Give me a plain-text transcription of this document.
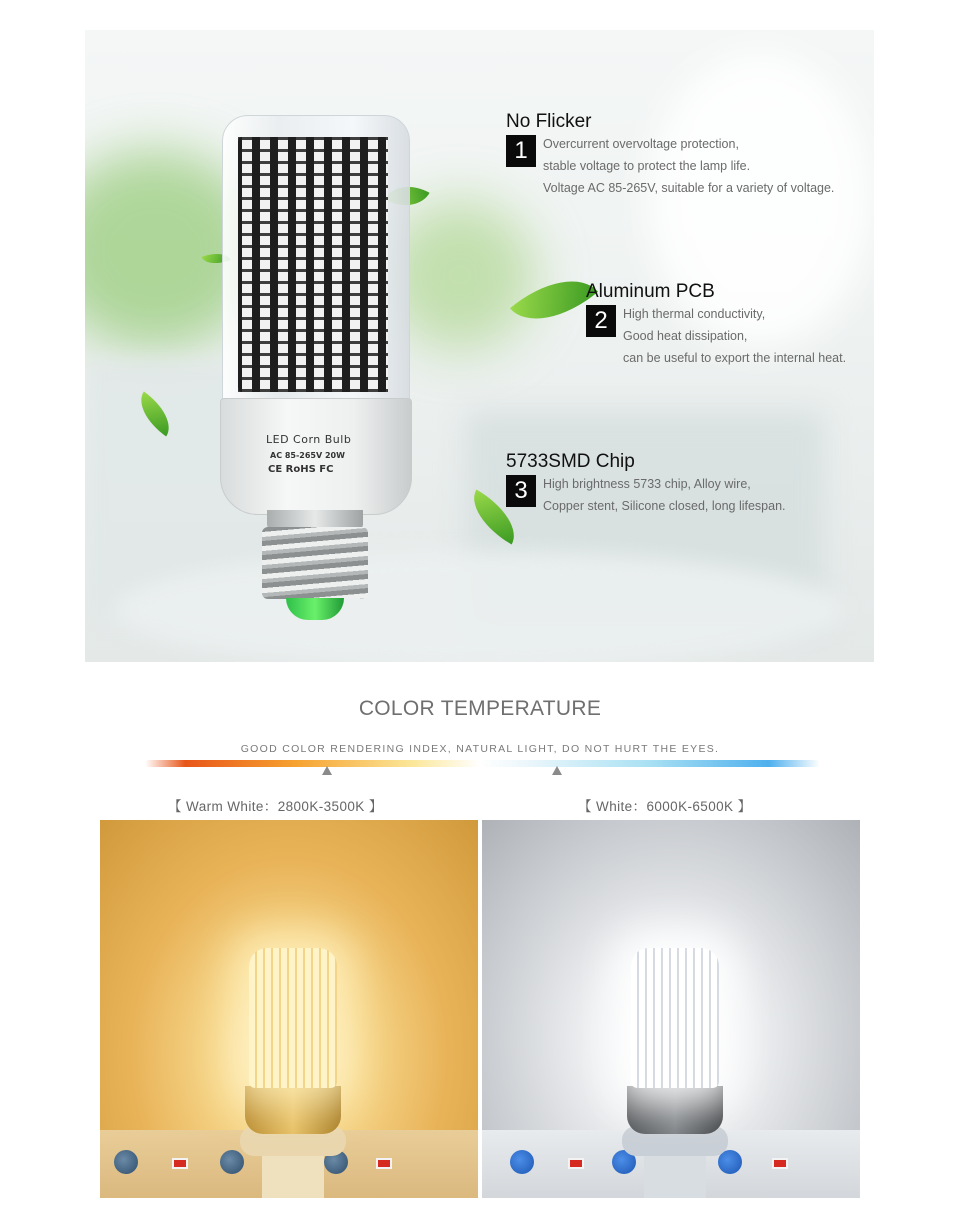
LED Corn Bulb
AC 85-265V 20W
CE RoHS FC
No Flicker
1	Overcurrent overvoltage protection,
stable voltage to protect the lamp life.
Voltage AC 85-265V, suitable for a variety of voltage.
Aluminum PCB
2	High thermal conductivity,
Good heat dissipation,
can be useful to export the internal heat.
5733SMD Chip
3	High brightness 5733 chip, Alloy wire,
Copper stent, Silicone closed, long lifespan.
COLOR TEMPERATURE
GOOD COLOR RENDERING INDEX, NATURAL LIGHT, DO NOT HURT THE EYES.
【 Warm White：2800K-3500K 】	【 White：6000K-6500K 】
